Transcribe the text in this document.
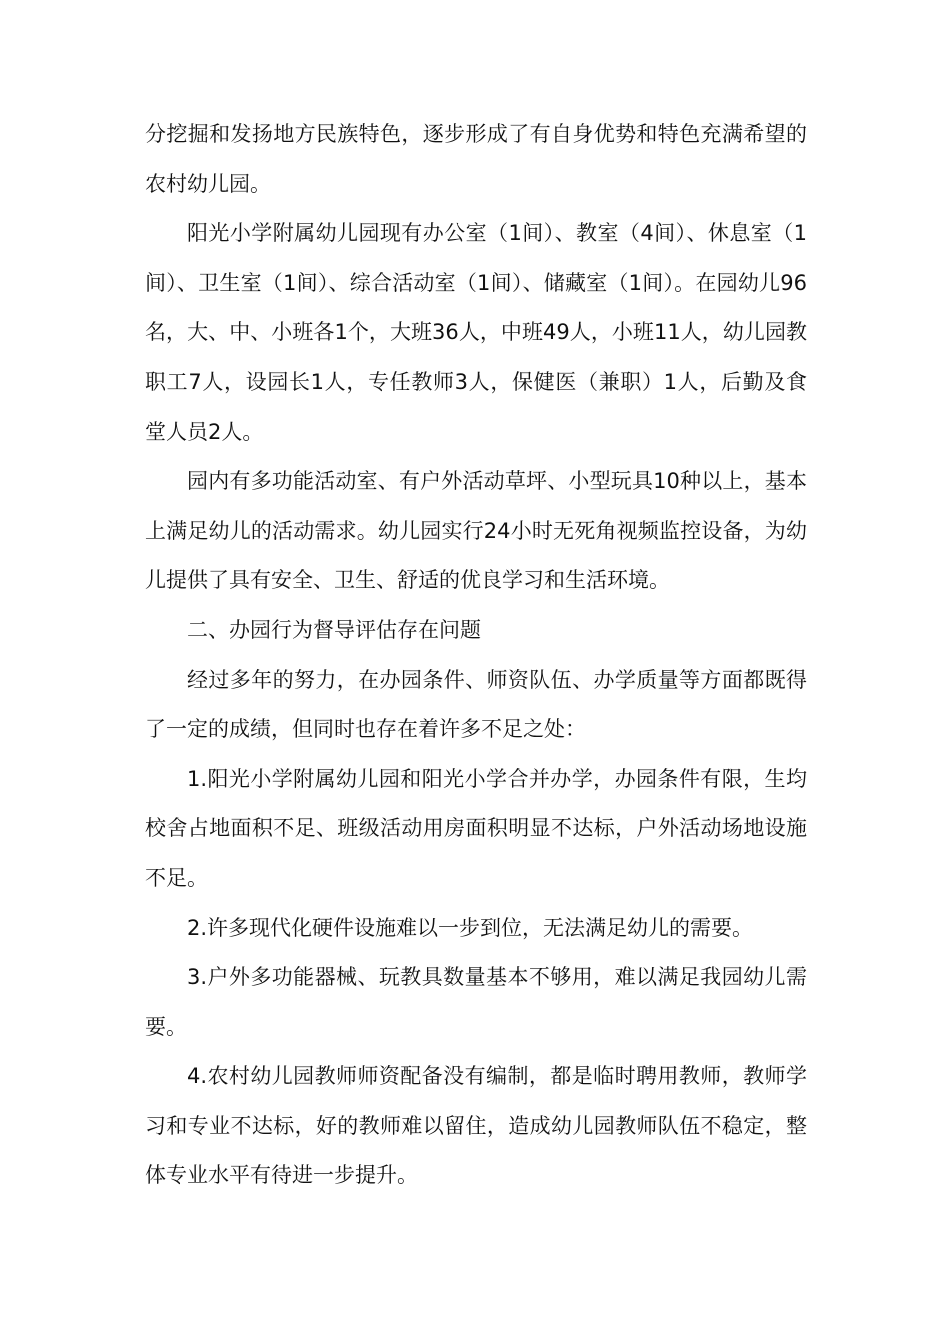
分挖掘和发扬地方民族特色，逐步形成了有自身优势和特色充满希望的农村幼儿园。

阳光小学附属幼儿园现有办公室（1间）、教室（4间）、休息室（1间）、卫生室（1间）、综合活动室（1间）、储藏室（1间）。在园幼儿96名，大、中、小班各1个，大班36人，中班49人，小班11人，幼儿园教职工7人，设园长1人，专任教师3人，保健医（兼职）1人，后勤及食堂人员2人。

园内有多功能活动室、有户外活动草坪、小型玩具10种以上，基本上满足幼儿的活动需求。幼儿园实行24小时无死角视频监控设备，为幼儿提供了具有安全、卫生、舒适的优良学习和生活环境。

二、办园行为督导评估存在问题

经过多年的努力，在办园条件、师资队伍、办学质量等方面都既得了一定的成绩，但同时也存在着许多不足之处：

1.阳光小学附属幼儿园和阳光小学合并办学，办园条件有限，生均校舍占地面积不足、班级活动用房面积明显不达标，户外活动场地设施不足。

2.许多现代化硬件设施难以一步到位，无法满足幼儿的需要。

3.户外多功能器械、玩教具数量基本不够用，难以满足我园幼儿需要。

4.农村幼儿园教师师资配备没有编制，都是临时聘用教师，教师学习和专业不达标，好的教师难以留住，造成幼儿园教师队伍不稳定，整体专业水平有待进一步提升。
